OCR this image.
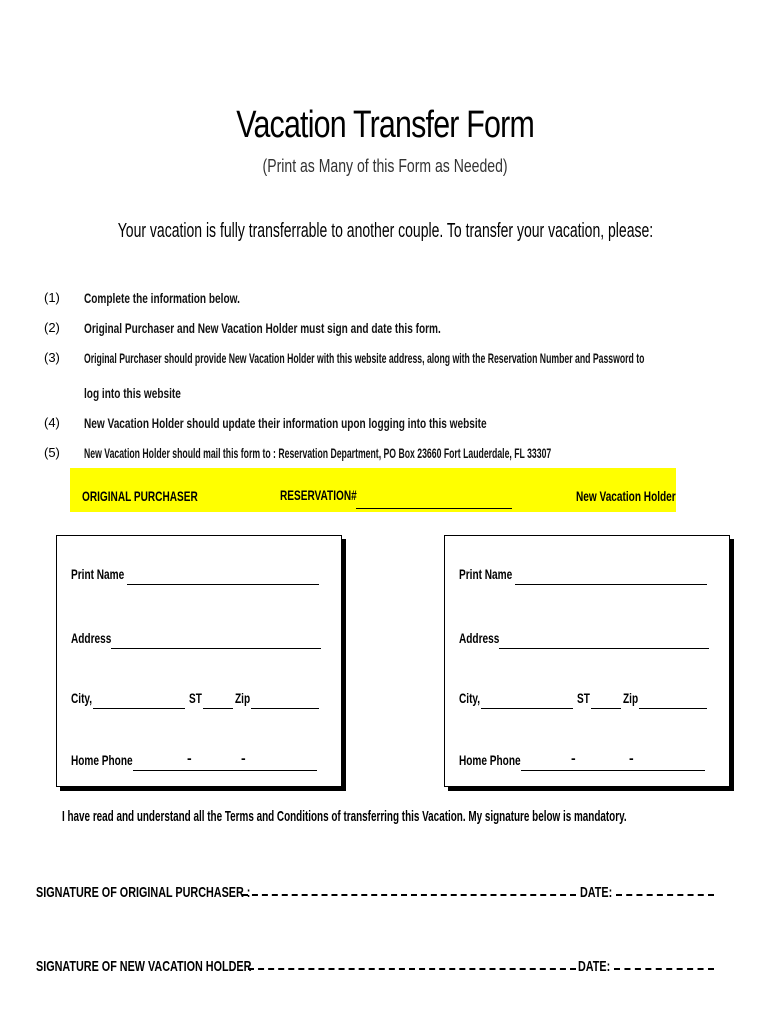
Vacation Transfer Form
(Print as Many of this Form as Needed)
Your vacation is fully transferrable to another couple. To transfer your vacation, please:
(1) Complete the information below.
(2) Original Purchaser and New Vacation Holder must sign and date this form.
(3) Original Purchaser should provide New Vacation Holder with this website address, along with the Reservation Number and Password to
log into this website
(4) New Vacation Holder should update their information upon logging into this website
(5) New Vacation Holder should mail this form to : Reservation Department, PO Box 23660 Fort Lauderdale, FL 33307
ORIGINAL PURCHASER	RESERVATION#	New Vacation Holder
Print Name
Address
City,	ST	Zip
Home Phone	-	-
Print Name
Address
City,	ST	Zip
Home Phone	-	-
I have read and understand all the Terms and Conditions of transferring this Vacation. My signature below is mandatory.
SIGNATURE OF ORIGINAL PURCHASER :	DATE:
SIGNATURE OF NEW VACATION HOLDER	DATE:
